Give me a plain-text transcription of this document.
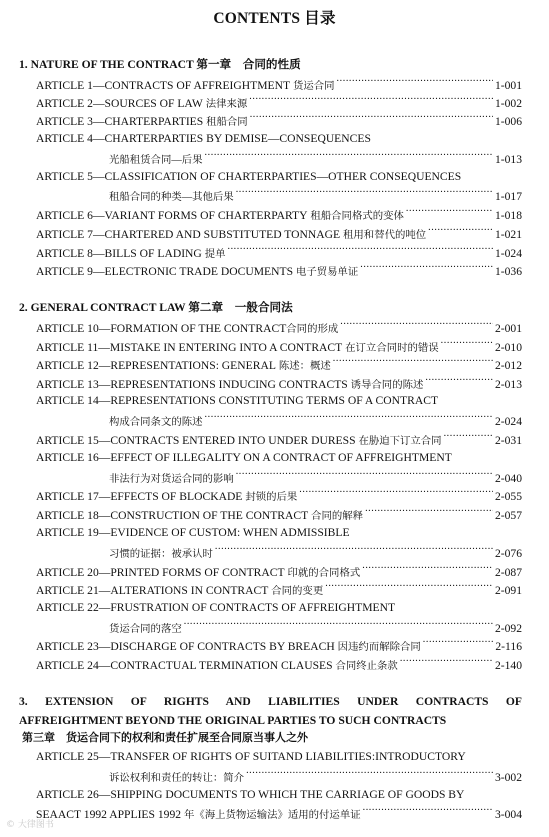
CONTENTS 目录
1. NATURE OF THE CONTRACT 第一章　合同的性质
ARTICLE 1—CONTRACTS OF AFFREIGHTMENT
货运合同 .....	1-001
ARTICLE 2—SOURCES OF LAW
法律来源 .....	1-002
ARTICLE 3—CHARTERPARTIES
租船合同 .....	1-006
ARTICLE 4—CHARTERPARTIES BY DEMISE—CONSEQUENCES
光船租赁合同—后果 .....	1-013
ARTICLE 5—CLASSIFICATION OF CHARTERPARTIES—OTHER CONSEQUENCES
租船合同的种类—其他后果 .....	1-017
ARTICLE 6—VARIANT FORMS OF CHARTERPARTY
租船合同格式的变体 .....	1-018
ARTICLE 7—CHARTERED AND SUBSTITUTED TONNAGE
租用和替代的吨位 .....	1-021
ARTICLE 8—BILLS OF LADING
提单 .....	1-024
ARTICLE 9—ELECTRONIC TRADE DOCUMENTS
电子贸易单证 .....	1-036
2. GENERAL CONTRACT LAW 第二章　一般合同法
ARTICLE 10—FORMATION OF THE CONTRACT 合同的形成 .....	2-001
ARTICLE 11—MISTAKE IN ENTERING INTO A CONTRACT
在订立合同时的错误 .....	2-010
ARTICLE 12—REPRESENTATIONS: GENERAL
陈述：概述 .....	2-012
ARTICLE 13—REPRESENTATIONS INDUCING CONTRACTS
诱导合同的陈述 .....	2-013
ARTICLE 14—REPRESENTATIONS CONSTITUTING TERMS OF A CONTRACT
构成合同条文的陈述 .....	2-024
ARTICLE 15—CONTRACTS ENTERED INTO UNDER DURESS
在胁迫下订立合同 .....	2-031
ARTICLE 16—EFFECT OF ILLEGALITY ON A CONTRACT OF AFFREIGHTMENT
非法行为对货运合同的影响 .....	2-040
ARTICLE 17—EFFECTS OF BLOCKADE
封锁的后果 .....	2-055
ARTICLE 18—CONSTRUCTION OF THE CONTRACT
合同的解释 .....	2-057
ARTICLE 19—EVIDENCE OF CUSTOM: WHEN ADMISSIBLE
习惯的证据：被承认时 .....	2-076
ARTICLE 20—PRINTED FORMS OF CONTRACT
印就的合同格式 .....	2-087
ARTICLE 21—ALTERATIONS IN CONTRACT
合同的变更 .....	2-091
ARTICLE 22—FRUSTRATION OF CONTRACTS OF AFFREIGHTMENT
货运合同的落空 .....	2-092
ARTICLE 23—DISCHARGE OF CONTRACTS BY BREACH
因违约而解除合同 .....	2-116
ARTICLE 24—CONTRACTUAL TERMINATION CLAUSES
合同终止条款 .....	2-140
3. EXTENSION OF RIGHTS AND LIABILITIES UNDER CONTRACTS OF
AFFREIGHTMENT BEYOND THE ORIGINAL PARTIES TO SUCH CONTRACTS
第三章　货运合同下的权利和责任扩展至合同原当事人之外
ARTICLE 25—TRANSFER OF RIGHTS OF SUITAND LIABILITIES:INTRODUCTORY
诉讼权利和责任的转让：简介 .....	3-002
ARTICLE 26—SHIPPING DOCUMENTS TO WHICH THE CARRIAGE OF GOODS BY
SEAACT 1992 APPLIES 1992
年《海上货物运输法》适用的付运单证 .....	3-004
© 大律图书
